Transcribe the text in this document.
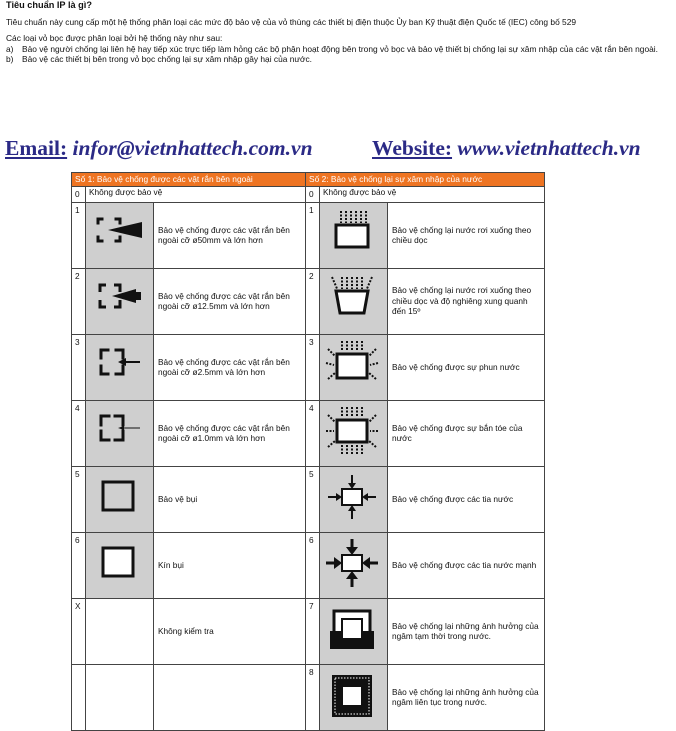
Tiêu chuẩn IP là gì?

Tiêu chuẩn này cung cấp một hệ thống phân loại các mức độ bảo vệ của vỏ thùng các thiết bị điện thuộc Ủy ban Kỹ thuật điện Quốc tế (IEC) công bố 529

Các loại vỏ bọc được phân loại bởi hệ thống này như sau:

a) Bảo vệ người chống lại liên hệ hay tiếp xúc trực tiếp làm hỏng các bộ phận hoạt động bên trong vỏ bọc và bảo vệ thiết bị chống lại sự xâm nhập của các vật rắn bên ngoài.
b) Bảo vệ các thiết bị bên trong vỏ bọc chống lại sự xâm nhập gây hại của nước.
Email: infor@vietnhattech.com.vn	Website: www.vietnhattech.vn
Số 1: Bảo vệ chống được các vật rắn bên ngoài			Số 2: Bảo vệ chống lại sự xâm nhập của nước		
0	Không được bảo vệ		0	Không được bảo vệ	
1		Bảo vệ chống được các vật rắn bên ngoài cỡ ø50mm và lớn hơn	1		Bảo vệ chống lại nước rơi xuống theo chiều dọc
2		Bảo vệ chống được các vật rắn bên ngoài cỡ ø12.5mm và lớn hơn	2		Bảo vệ chống lại nước rơi xuống theo chiều dọc và độ nghiêng xung quanh đến 15º
3		Bảo vệ chống được các vật rắn bên ngoài cỡ ø2.5mm và lớn hơn	3		Bảo vệ chống được sự phun nước
4		Bảo vệ chống được các vật rắn bên ngoài cỡ ø1.0mm và lớn hơn	4		Bảo vệ chống được sự bắn tóe của nước
5		Bảo vệ bụi	5		Bảo vệ chống được các tia nước
6		Kín bụi	6		Bảo vệ chống được các tia nước mạnh
X		Không kiểm tra	7		Bảo vệ chống lại những ảnh hưởng của ngâm tạm thời trong nước.
			8		Bảo vệ chống lại những ảnh hưởng của ngâm liên tục trong nước.
